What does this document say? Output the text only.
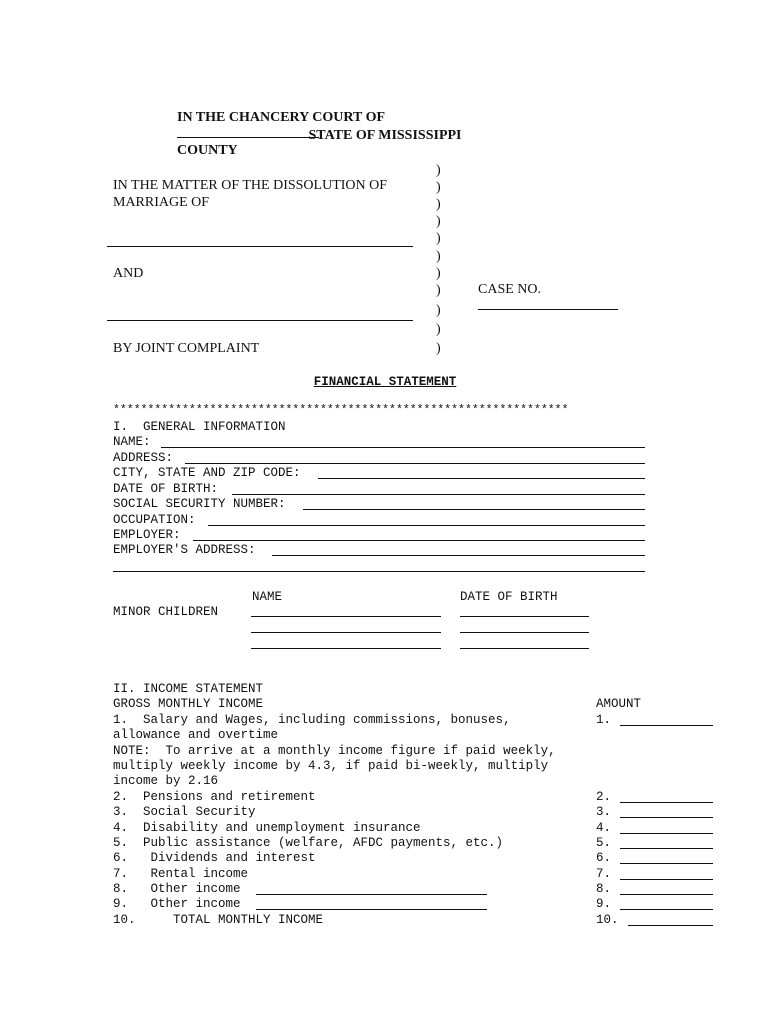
IN THE CHANCERY COURT OF

COUNTY

STATE OF MISSISSIPPI
IN THE MATTER OF THE DISSOLUTION OF
MARRIAGE OF
AND
BY JOINT COMPLAINT
)
)
)
)
)
)
)
)
)
)
)

CASE NO.

FINANCIAL STATEMENT
******************************************************************
I.  GENERAL INFORMATION
NAME:
ADDRESS:
CITY, STATE AND ZIP CODE:
DATE OF BIRTH:
SOCIAL SECURITY NUMBER:
OCCUPATION:
EMPLOYER:
EMPLOYER'S ADDRESS:
NAME	DATE OF BIRTH
MINOR CHILDREN
II. INCOME STATEMENT
GROSS MONTHLY INCOME	AMOUNT
1.  Salary and Wages, including commissions, bonuses,
allowance and overtime
NOTE:  To arrive at a monthly income figure if paid weekly,
multiply weekly income by 4.3, if paid bi-weekly, multiply
income by 2.16
2.  Pensions and retirement
3.  Social Security
4.  Disability and unemployment insurance
5.  Public assistance (welfare, AFDC payments, etc.)
6.   Dividends and interest
7.   Rental income
8.   Other income
9.   Other income
10.     TOTAL MONTHLY INCOME
1.
2.
3.
4.
5.
6.
7.
8.
9.
10.
